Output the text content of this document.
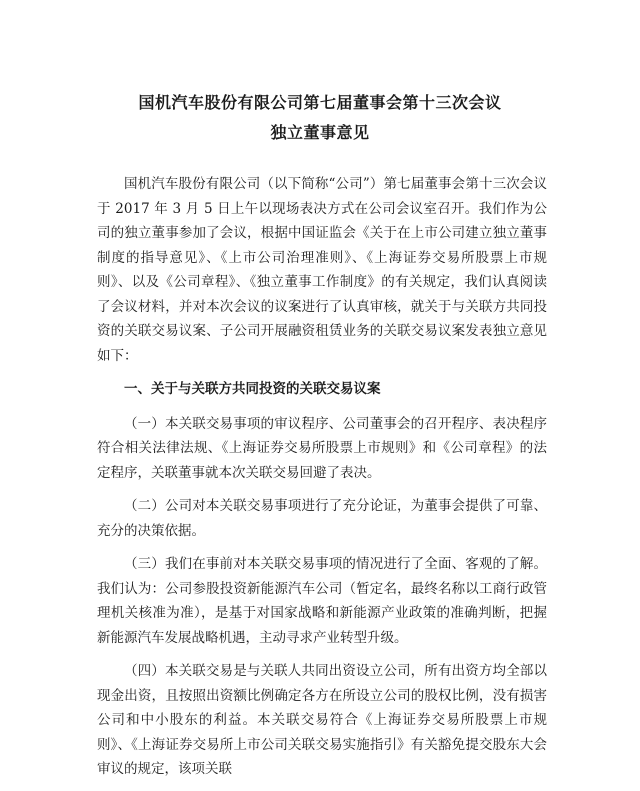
国机汽车股份有限公司第七届董事会第十三次会议
独立董事意见

国机汽车股份有限公司（以下简称“公司”）第七届董事会第十三次会议于 2017 年 3 月 5 日上午以现场表决方式在公司会议室召开。我们作为公司的独立董事参加了会议，根据中国证监会《关于在上市公司建立独立董事制度的指导意见》、《上市公司治理准则》、《上海证券交易所股票上市规则》、以及《公司章程》、《独立董事工作制度》的有关规定，我们认真阅读了会议材料，并对本次会议的议案进行了认真审核，就关于与关联方共同投资的关联交易议案、子公司开展融资租赁业务的关联交易议案发表独立意见如下：

一、关于与关联方共同投资的关联交易议案

（一）本关联交易事项的审议程序、公司董事会的召开程序、表决程序符合相关法律法规、《上海证券交易所股票上市规则》和《公司章程》的法定程序，关联董事就本次关联交易回避了表决。

（二）公司对本关联交易事项进行了充分论证，为董事会提供了可靠、充分的决策依据。

（三）我们在事前对本关联交易事项的情况进行了全面、客观的了解。我们认为：公司参股投资新能源汽车公司（暂定名，最终名称以工商行政管理机关核准为准），是基于对国家战略和新能源产业政策的准确判断，把握新能源汽车发展战略机遇，主动寻求产业转型升级。

（四）本关联交易是与关联人共同出资设立公司，所有出资方均全部以现金出资，且按照出资额比例确定各方在所设立公司的股权比例，没有损害公司和中小股东的利益。本关联交易符合《上海证券交易所股票上市规则》、《上海证券交易所上市公司关联交易实施指引》有关豁免提交股东大会审议的规定，该项关联
